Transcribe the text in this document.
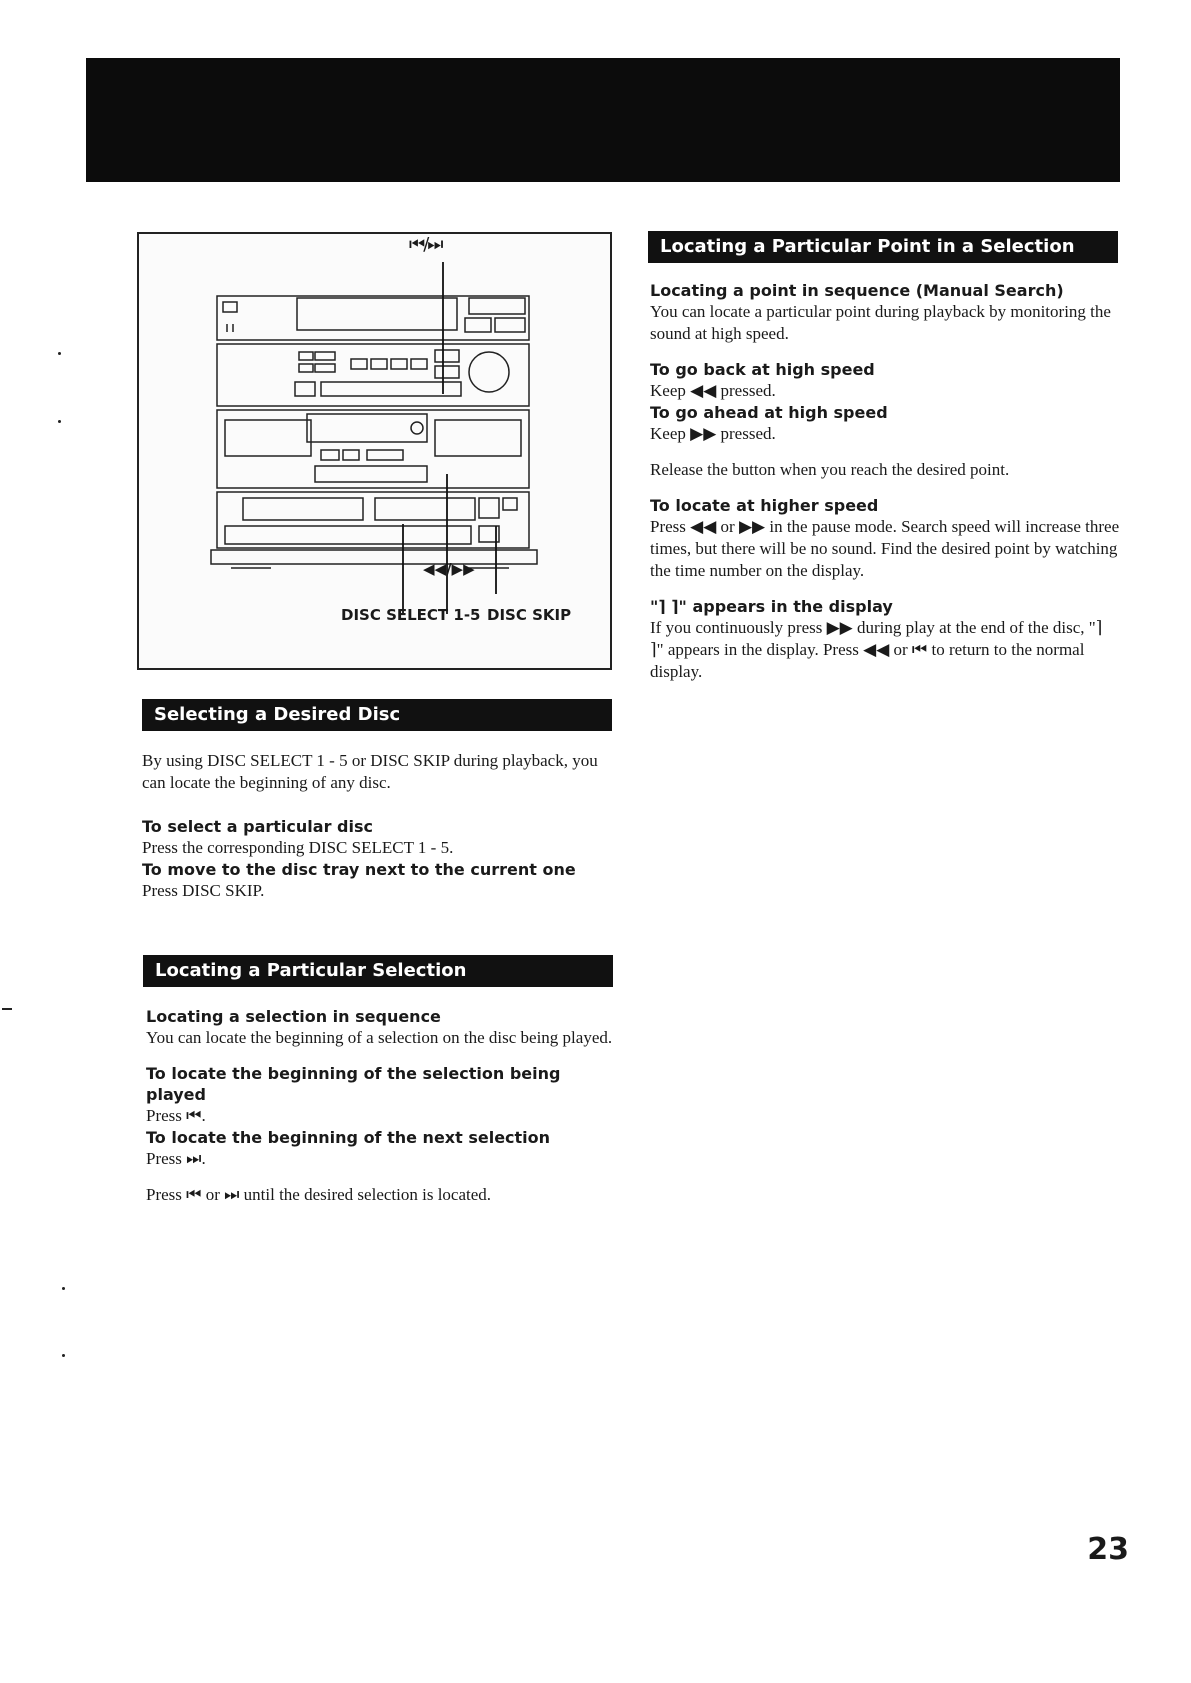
⏮/⏭
◀◀/▶▶
DISC SELECT 1-5 DISC SKIP
Selecting a Desired Disc

By using DISC SELECT 1 - 5 or DISC SKIP during playback, you can locate the beginning of any disc.

To select a particular disc

Press the corresponding DISC SELECT 1 - 5.

To move to the disc tray next to the current one

Press DISC SKIP.

Locating a Particular Selection

Locating a selection in sequence

You can locate the beginning of a selection on the disc being played.

To locate the beginning of the selection being played

Press ⏮.

To locate the beginning of the next selection

Press ⏭.

Press ⏮ or ⏭ until the desired selection is located.

Locating a Particular Point in a Selection

Locating a point in sequence (Manual Search)

You can locate a particular point during playback by monitoring the sound at high speed.

To go back at high speed

Keep ◀◀ pressed.

To go ahead at high speed

Keep ▶▶ pressed.

Release the button when you reach the desired point.

To locate at higher speed

Press ◀◀ or ▶▶ in the pause mode. Search speed will increase three times, but there will be no sound. Find the desired point by watching the time number on the display.

"⌉ ⌉" appears in the display

If you continuously press ▶▶ during play at the end of the disc, "⌉ ⌉" appears in the display. Press ◀◀ or ⏮ to return to the normal display.

23
